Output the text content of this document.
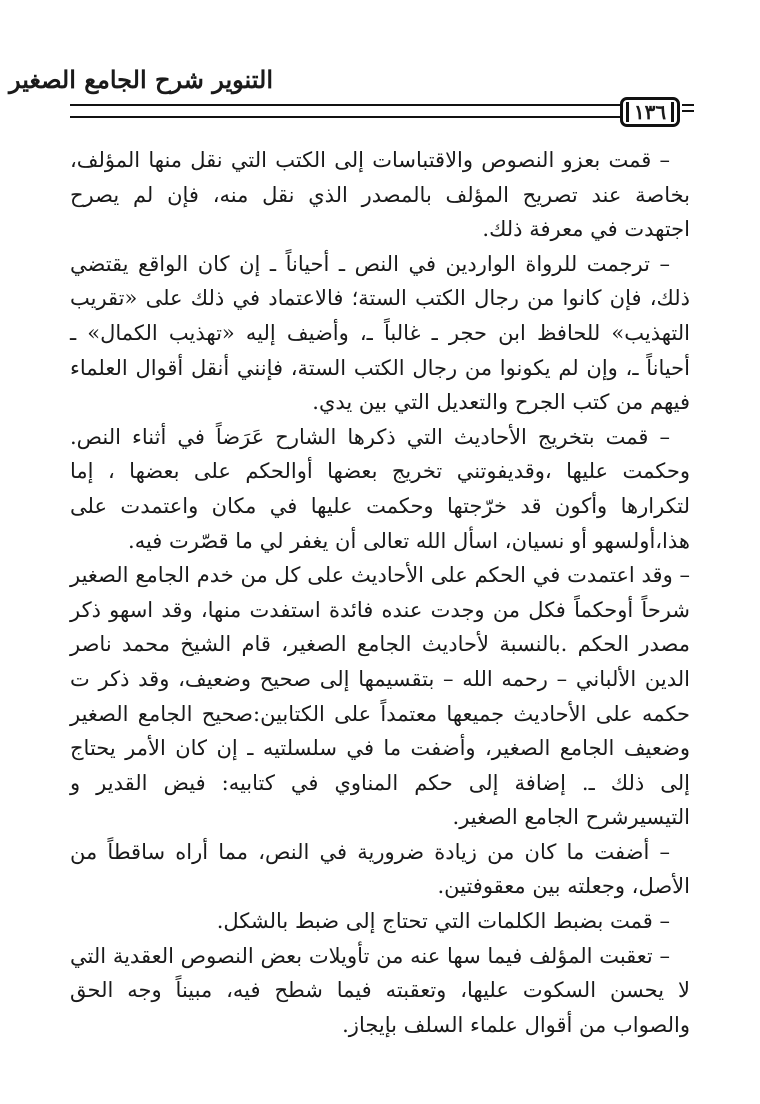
التنوير شرح الجامع الصغير
١٣٦

– قمت بعزو النصوص والاقتباسات إلى الكتب التي نقل منها المؤلف، بخاصة عند تصريح المؤلف بالمصدر الذي نقل منه، فإن لم يصرح اجتهدت في معرفة ذلك.

– ترجمت للرواة الواردين في النص ـ أحياناً ـ إن كان الواقع يقتضي ذلك، فإن كانوا من رجال الكتب الستة؛ فالاعتماد في ذلك على «تقريب التهذيب» للحافظ ابن حجر ـ غالباً ـ، وأضيف إليه «تهذيب الكمال» ـ أحياناً ـ، وإن لم يكونوا من رجال الكتب الستة، فإنني أنقل أقوال العلماء فيهم من كتب الجرح والتعديل التي بين يدي.

– قمت بتخريج الأحاديث التي ذكرها الشارح عَرَضاً في أثناء النص. وحكمت عليها ،وقديفوتني تخريج بعضها أوالحكم على بعضها ، إما لتكرارها وأكون قد خرّجتها وحكمت عليها في مكان واعتمدت على هذا،أولسهو أو نسيان، اسأل الله تعالى أن يغفر لي ما قصّرت فيه.

– وقد اعتمدت في الحكم على الأحاديث على كل من خدم الجامع الصغير شرحاً أوحكماً فكل من وجدت عنده فائدة استفدت منها، وقد اسهو ذكر مصدر الحكم .بالنسبة لأحاديث الجامع الصغير، قام الشيخ محمد ناصر الدين الألباني – رحمه الله – بتقسيمها إلى صحيح وضعيف، وقد ذكر ت حكمه على الأحاديث جميعها معتمداً على الكتابين:صحيح الجامع الصغير وضعيف الجامع الصغير، وأضفت ما في سلسلتيه ـ إن كان الأمر يحتاج إلى ذلك ـ. إضافة إلى حكم المناوي في كتابيه: فيض القدير و التيسيرشرح الجامع الصغير.

– أضفت ما كان من زيادة ضرورية في النص، مما أراه ساقطاً من الأصل، وجعلته بين معقوفتين.

– قمت بضبط الكلمات التي تحتاج إلى ضبط بالشكل.

– تعقبت المؤلف فيما سها عنه من تأويلات بعض النصوص العقدية التي لا يحسن السكوت عليها، وتعقبته فيما شطح فيه، مبيناً وجه الحق والصواب من أقوال علماء السلف بإيجاز.
